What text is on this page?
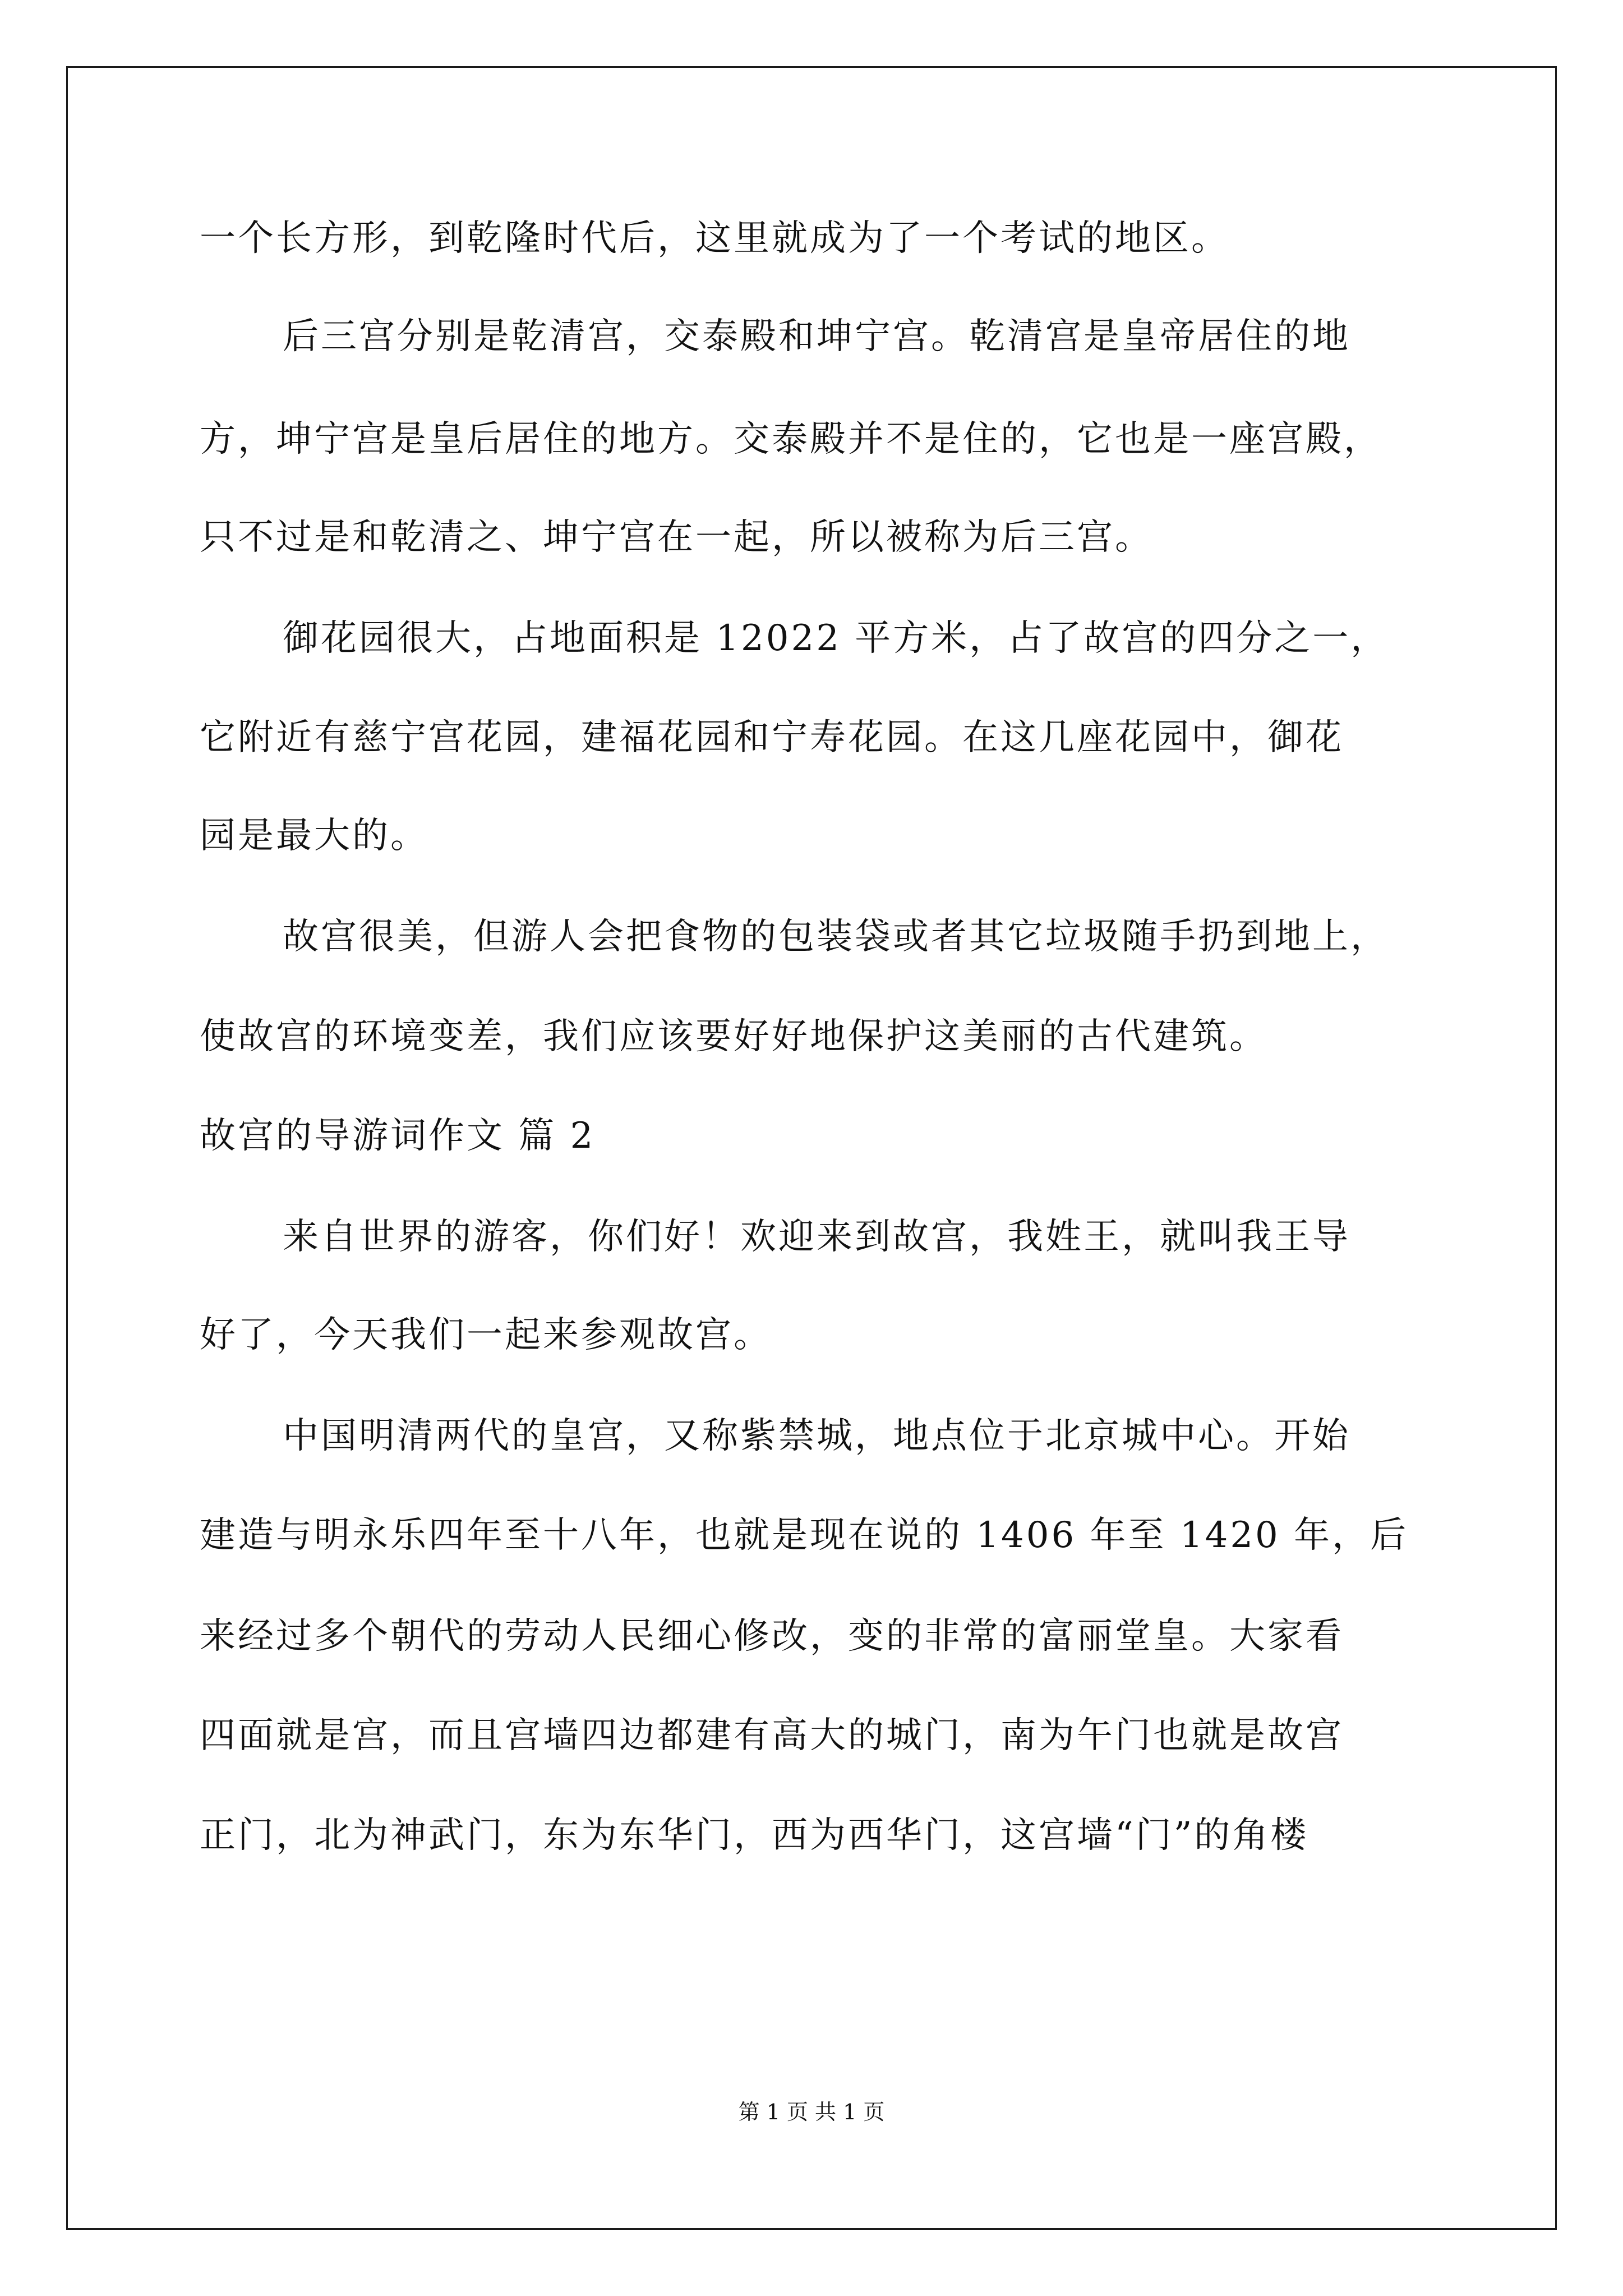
一个长方形，到乾隆时代后，这里就成为了一个考试的地区。
后三宫分别是乾清宫，交泰殿和坤宁宫。乾清宫是皇帝居住的地
方，坤宁宫是皇后居住的地方。交泰殿并不是住的，它也是一座宫殿，
只不过是和乾清之、坤宁宫在一起，所以被称为后三宫。
御花园很大，占地面积是 12022 平方米，占了故宫的四分之一，
它附近有慈宁宫花园，建福花园和宁寿花园。在这几座花园中，御花
园是最大的。
故宫很美，但游人会把食物的包装袋或者其它垃圾随手扔到地上，
使故宫的环境变差，我们应该要好好地保护这美丽的古代建筑。
故宫的导游词作文 篇 2
来自世界的游客，你们好！欢迎来到故宫，我姓王，就叫我王导
好了，今天我们一起来参观故宫。
中国明清两代的皇宫，又称紫禁城，地点位于北京城中心。开始
建造与明永乐四年至十八年，也就是现在说的 1406 年至 1420 年，后
来经过多个朝代的劳动人民细心修改，变的非常的富丽堂皇。大家看
四面就是宫，而且宫墙四边都建有高大的城门，南为午门也就是故宫
正门，北为神武门，东为东华门，西为西华门，这宫墙“门”的角楼
第 1 页 共 1 页
